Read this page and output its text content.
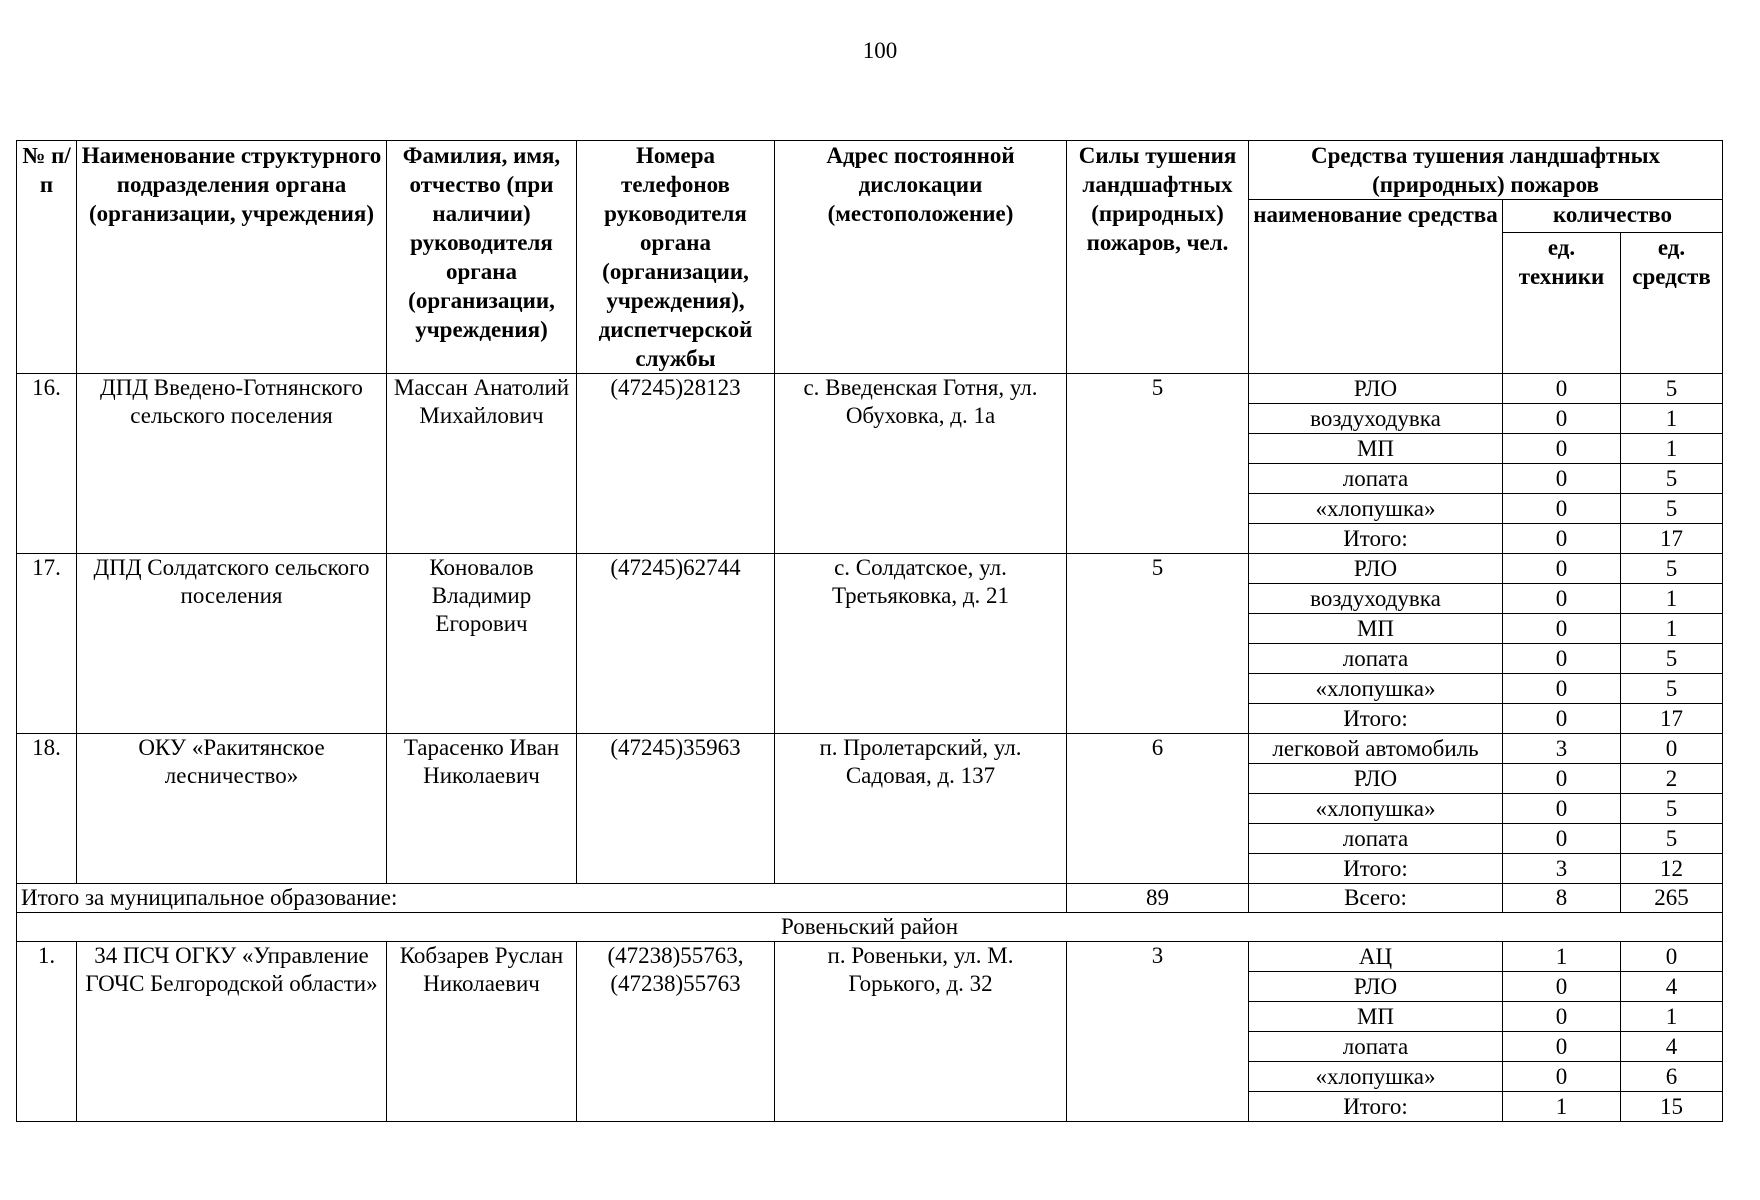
100
№ п/п	Наименование структурного подразделения органа (организации, учреждения)	Фамилия, имя, отчество (при наличии) руководителя органа (организации, учреждения)	Номера телефонов руководителя органа (организации, учреждения), диспетчерской службы	Адрес постоянной дислокации (местоположение)	Силы тушения ландшафтных (природных) пожаров, чел.	Средства тушения ландшафтных (природных) пожаров		
						наименование средства	количество	
							ед. техники	ед. средств
16.	ДПД Введено-Готнянского сельского поселения	Массан Анатолий Михайлович	(47245)28123	с. Введенская Готня, ул. Обуховка, д. 1а	5	РЛО	0	5
						воздуходувка	0	1
						МП	0	1
						лопата	0	5
						«хлопушка»	0	5
						Итого:	0	17
17.	ДПД Солдатского сельского поселения	Коновалов Владимир Егорович	(47245)62744	с. Солдатское, ул. Третьяковка, д. 21	5	РЛО	0	5
						воздуходувка	0	1
						МП	0	1
						лопата	0	5
						«хлопушка»	0	5
						Итого:	0	17
18.	ОКУ «Ракитянское лесничество»	Тарасенко Иван Николаевич	(47245)35963	п. Пролетарский, ул. Садовая, д. 137	6	легковой автомобиль	3	0
						РЛО	0	2
						«хлопушка»	0	5
						лопата	0	5
						Итого:	3	12
Итого за муниципальное образование:					89	Всего:	8	265
Ровеньский район								
1.	34 ПСЧ ОГКУ «Управление ГОЧС Белгородской области»	Кобзарев Руслан Николаевич	(47238)55763, (47238)55763	п. Ровеньки, ул. М. Горького, д. 32	3	АЦ	1	0
						РЛО	0	4
						МП	0	1
						лопата	0	4
						«хлопушка»	0	6
						Итого:	1	15
